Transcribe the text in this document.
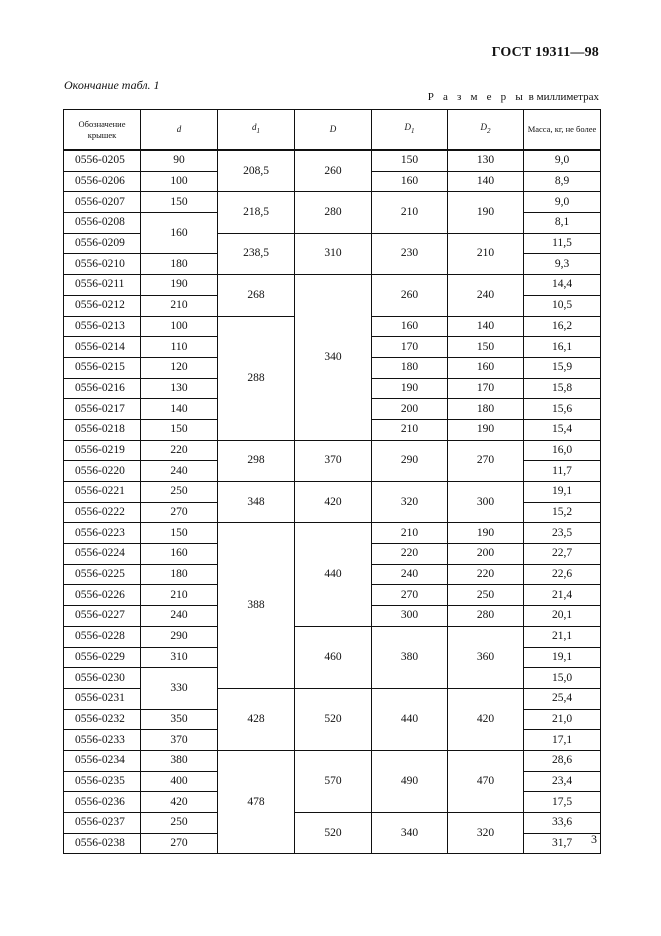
ГОСТ 19311—98
Окончание табл. 1
Р а з м е р ы в миллиметрах
Обозначение крышек	d	$d_1$	D	$D_1$	$D_2$	Масса, кг, не более
0556-0205	90	208,5	260	150	130	9,0
0556-0206	100			160	140	8,9
0556-0207	150	218,5	280	210	190	9,0
0556-0208	160					8,1
0556-0209		238,5	310	230	210	11,5
0556-0210	180					9,3
0556-0211	190	268	340	260	240	14,4
0556-0212	210					10,5
0556-0213	100	288		160	140	16,2
0556-0214	110			170	150	16,1
0556-0215	120			180	160	15,9
0556-0216	130			190	170	15,8
0556-0217	140			200	180	15,6
0556-0218	150			210	190	15,4
0556-0219	220	298	370	290	270	16,0
0556-0220	240					11,7
0556-0221	250	348	420	320	300	19,1
0556-0222	270					15,2
0556-0223	150	388	440	210	190	23,5
0556-0224	160			220	200	22,7
0556-0225	180			240	220	22,6
0556-0226	210			270	250	21,4
0556-0227	240			300	280	20,1
0556-0228	290		460	380	360	21,1
0556-0229	310					19,1
0556-0230	330					15,0
0556-0231		428	520	440	420	25,4
0556-0232	350					21,0
0556-0233	370					17,1
0556-0234	380	478	570	490	470	28,6
0556-0235	400					23,4
0556-0236	420					17,5
0556-0237	250		520	340	320	33,6
0556-0238	270					31,7 3
